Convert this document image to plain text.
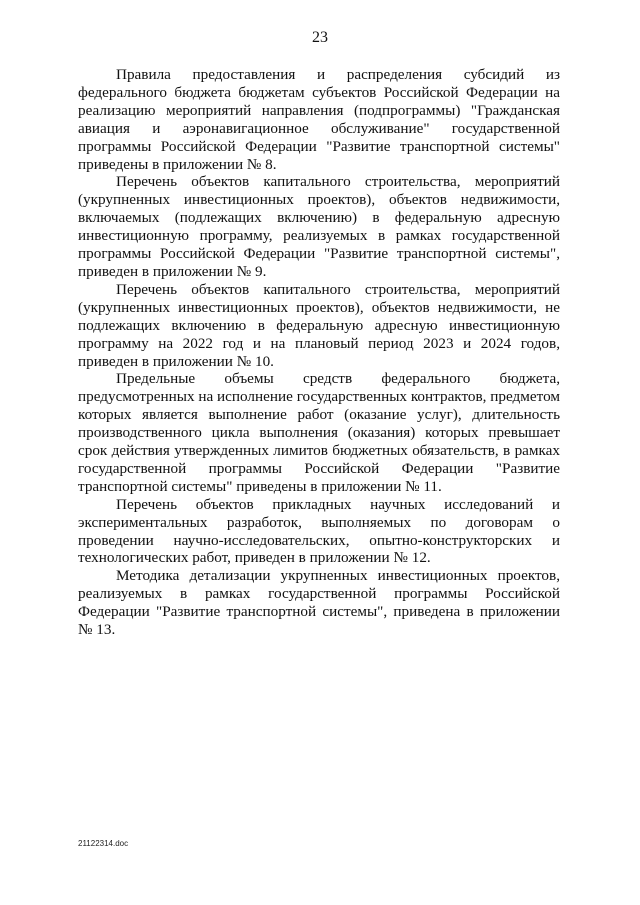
23

Правила предоставления и распределения субсидий из федерального бюджета бюджетам субъектов Российской Федерации на реализацию мероприятий направления (подпрограммы) "Гражданская авиация и аэронавигационное обслуживание" государственной программы Российской Федерации "Развитие транспортной системы" приведены в приложении № 8.

Перечень объектов капитального строительства, мероприятий (укрупненных инвестиционных проектов), объектов недвижимости, включаемых (подлежащих включению) в федеральную адресную инвестиционную программу, реализуемых в рамках государственной программы Российской Федерации "Развитие транспортной системы", приведен в приложении № 9.

Перечень объектов капитального строительства, мероприятий (укрупненных инвестиционных проектов), объектов недвижимости, не подлежащих включению в федеральную адресную инвестиционную программу на 2022 год и на плановый период 2023 и 2024 годов, приведен в приложении № 10.

Предельные объемы средств федерального бюджета, предусмотренных на исполнение государственных контрактов, предметом которых является выполнение работ (оказание услуг), длительность производственного цикла выполнения (оказания) которых превышает срок действия утвержденных лимитов бюджетных обязательств, в рамках государственной программы Российской Федерации "Развитие транспортной системы" приведены в приложении № 11.

Перечень объектов прикладных научных исследований и экспериментальных разработок, выполняемых по договорам о проведении научно-исследовательских, опытно-конструкторских и технологических работ, приведен в приложении № 12.

Методика детализации укрупненных инвестиционных проектов, реализуемых в рамках государственной программы Российской Федерации "Развитие транспортной системы", приведена в приложении № 13.

21122314.doc
